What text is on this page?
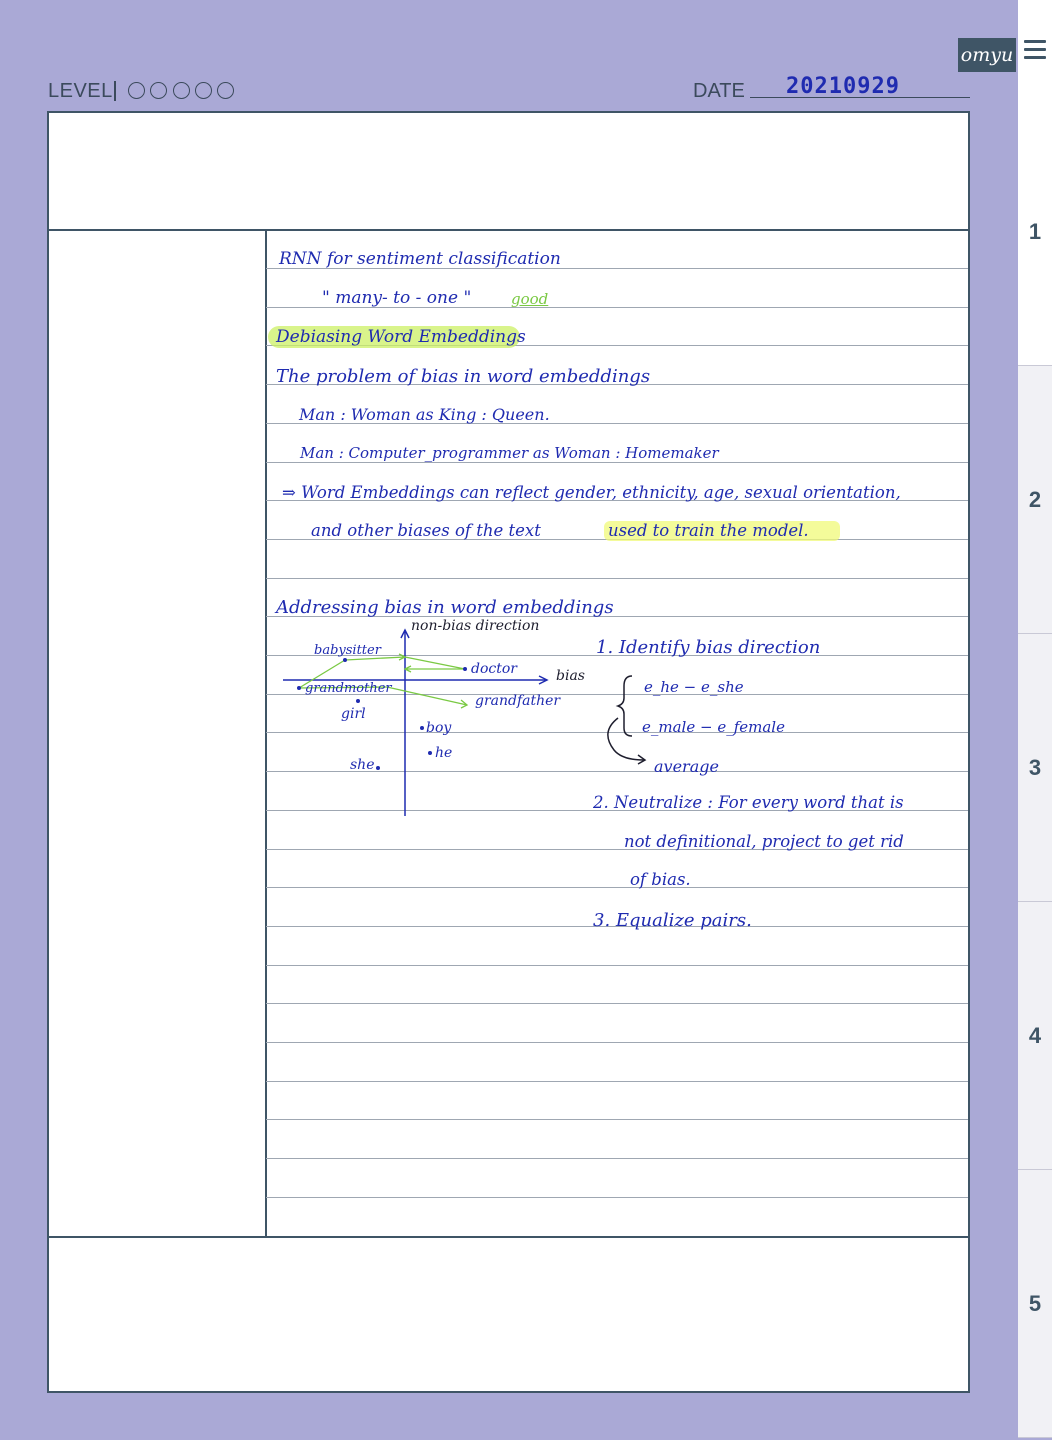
LEVEL	DATE 20210929
omyu
1
2
3
4
5
RNN for sentiment classification
" many- to - one "	good
Debiasing Word Embeddings
The problem of bias in word embeddings
Man : Woman as King : Queen.
Man : Computer_programmer as Woman : Homemaker
⇒ Word Embeddings can reflect gender, ethnicity, age, sexual orientation,
and other biases of the text	used to train the model.
Addressing bias in word embeddings
1. Identify bias direction
e_he − e_she
e_male − e_female
average
2. Neutralize : For every word that is
not definitional, project to get rid
of bias.
3. Equalize pairs.
non-bias direction
bias
babysitter
doctor
grandmother
grandfather
girl
boy
he
she
